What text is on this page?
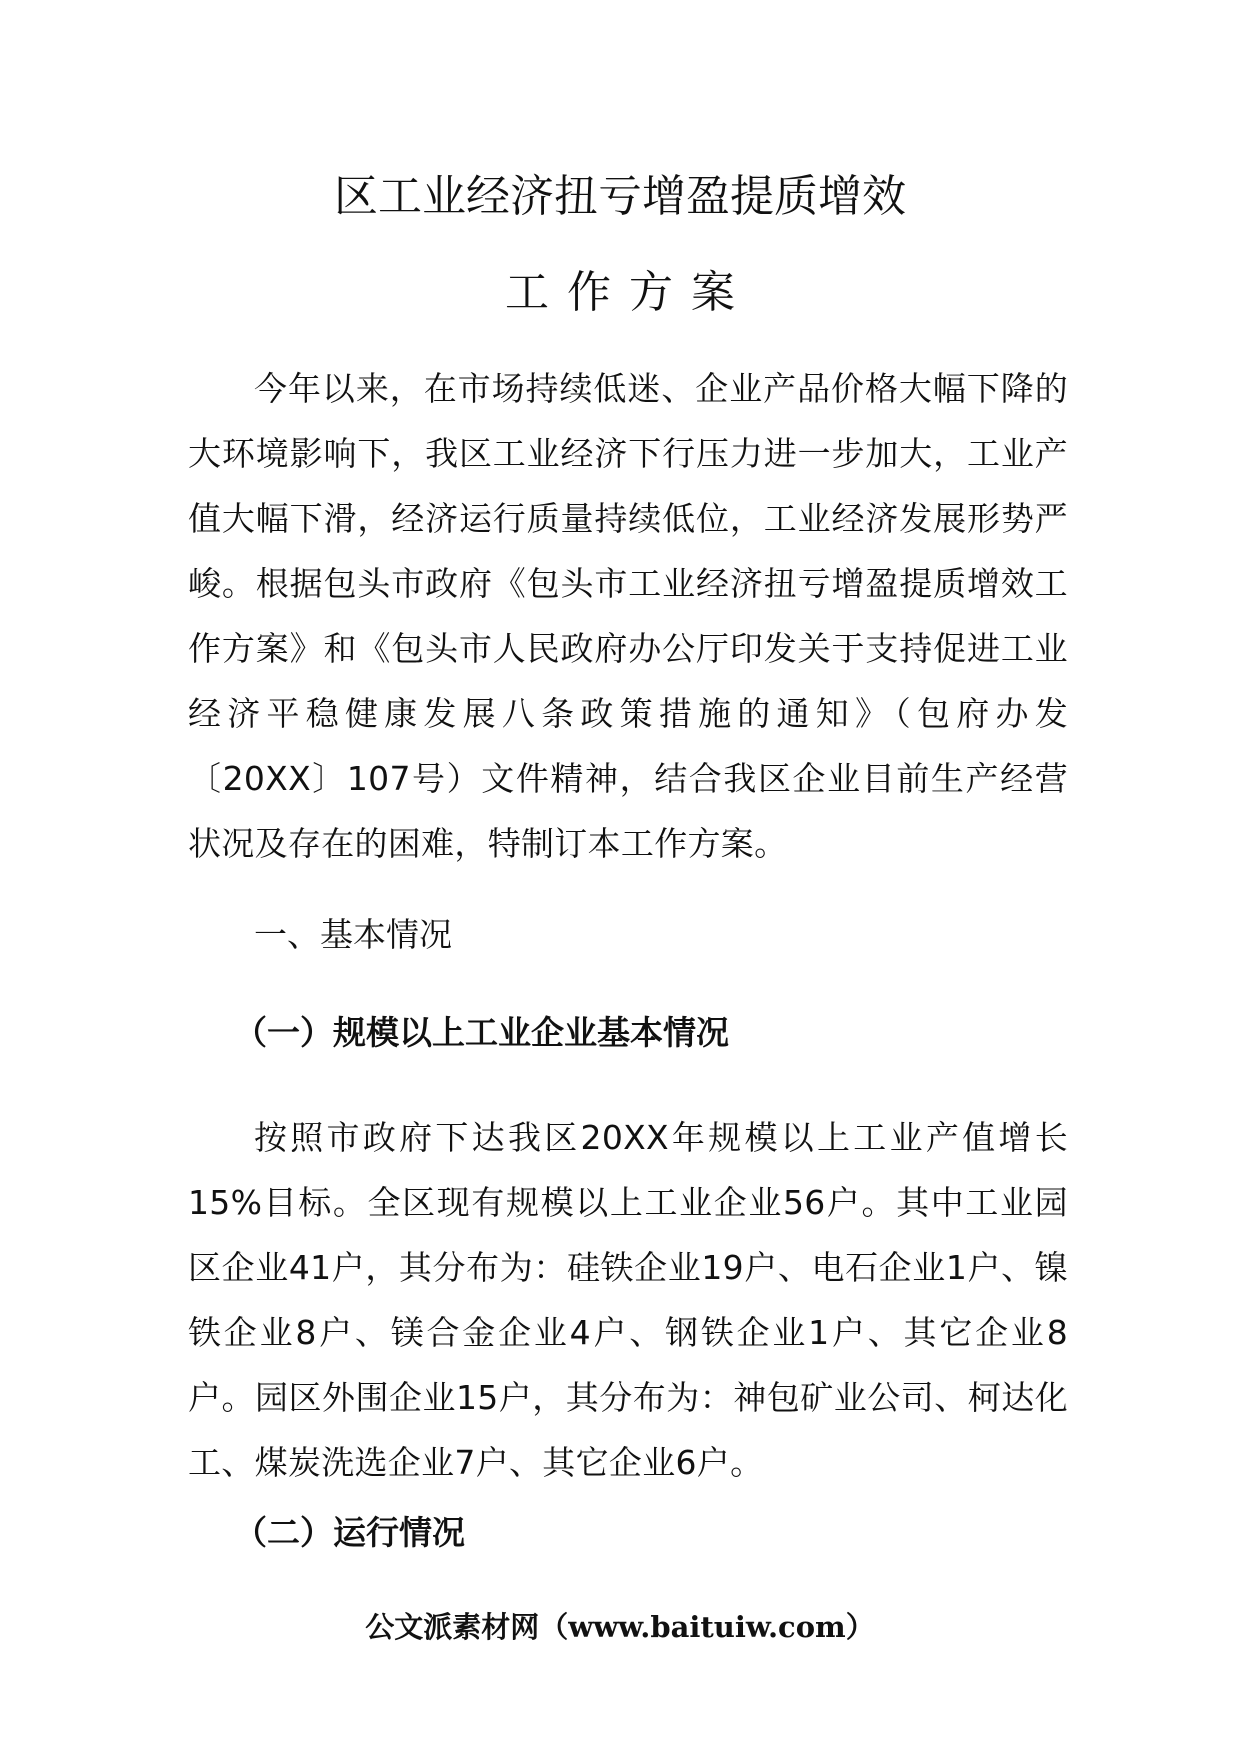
区工业经济扭亏增盈提质增效
工作方案

今年以来，在市场持续低迷、企业产品价格大幅下降的大环境影响下，我区工业经济下行压力进一步加大，工业产值大幅下滑，经济运行质量持续低位，工业经济发展形势严峻。根据包头市政府《包头市工业经济扭亏增盈提质增效工作方案》和《包头市人民政府办公厅印发关于支持促进工业经济平稳健康发展八条政策措施的通知》（包府办发〔20XX〕107号）文件精神，结合我区企业目前生产经营状况及存在的困难，特制订本工作方案。

一、基本情况
（一）规模以上工业企业基本情况

按照市政府下达我区20XX年规模以上工业产值增长15%目标。全区现有规模以上工业企业56户。其中工业园区企业41户，其分布为：硅铁企业19户、电石企业1户、镍铁企业8户、镁合金企业4户、钢铁企业1户、其它企业8户。园区外围企业15户，其分布为：神包矿业公司、柯达化工、煤炭洗选企业7户、其它企业6户。

（二）运行情况
公文派素材网（www.baituiw.com）
